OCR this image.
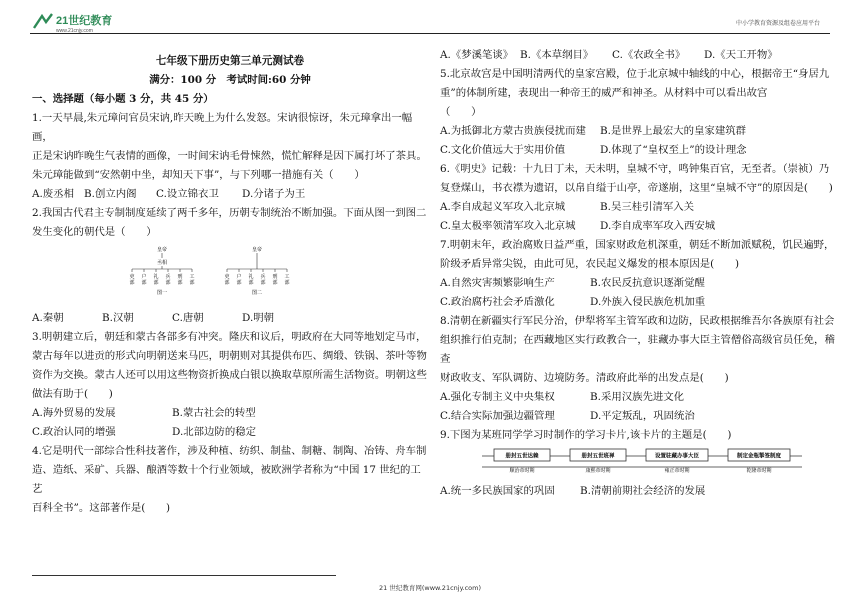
21世纪教育
www.21cnjy.com
中小学教育资源及组卷应用平台

七年级下册历史第三单元测试卷

满分：100 分　考试时间:60 分钟

一、选择题（每小题 3 分，共 45 分）

1.一天早晨,朱元璋问官员宋讷,昨天晚上为什么发怒。宋讷很惊讶，朱元璋拿出一幅画，

正是宋讷昨晚生气表情的画像，一时间宋讷毛骨悚然，慌忙解释是因下属打坏了茶具。

朱元璋能做到“安然朝中坐，却知天下事”，与下列哪一措施有关（　　）

A.废丞相 B.创立内阁	C.设立锦衣卫	D.分诸子为王

2.我国古代君主专制制度延续了两千多年，历朝专制统治不断加强。下面从图一到图二

发生变化的朝代是（　　）

皇帝
丞相
吏 户 礼 兵 刑 工
部 部 部 部 部 部
图一
皇帝
吏 户 礼 兵 刑 工
部 部 部 部 部 部
图二
A.秦朝	B.汉朝	C.唐朝	D.明朝

3.明朝建立后，朝廷和蒙古各部多有冲突。隆庆和议后，明政府在大同等地划定马市，

蒙古每年以进贡的形式向明朝送来马匹，明朝则对其提供布匹、绸缎、铁锅、茶叶等物

资作为交换。蒙古人还可以用这些物资折换成白银以换取草原所需生活物资。明朝这些

做法有助于(　　)

A.海外贸易的发展	B.蒙古社会的转型
C.政治认同的增强	D.北部边防的稳定

4.它是明代一部综合性科技著作，涉及种植、纺织、制盐、制糖、制陶、冶铸、舟车制

造、造纸、采矿、兵器、酿酒等数十个行业领域，被欧洲学者称为“中国 17 世纪的工艺

百科全书”。这部著作是(　　)

A.《梦溪笔谈》 B.《本草纲目》	C.《农政全书》	D.《天工开物》

5.北京故宫是中国明清两代的皇家宫殿，位于北京城中轴线的中心，根据帝王“身居九

重”的体制所建，表现出一种帝王的威严和神圣。从材料中可以看出故宫

（　　）

A.为抵御北方蒙古贵族侵扰而建	B.是世界上最宏大的皇家建筑群
C.文化价值远大于实用价值	D.体现了“皇权至上”的设计理念

6.《明史》记载：十九日丁未，天未明，皇城不守，鸣钟集百官，无至者。（崇祯）乃

复登煤山，书衣襟为遗诏，以帛自缢于山亭，帝遂崩，这里“皇城不守”的原因是(　　)

A.李自成起义军攻入北京城	B.吴三桂引清军入关
C.皇太极率领清军攻入北京城	D.李自成率军攻入西安城

7.明朝末年，政治腐败日益严重，国家财政危机深重，朝廷不断加派赋税，饥民遍野，

阶级矛盾异常尖锐，由此可见，农民起义爆发的根本原因是(　　)

A.自然灾害频繁影响生产	B.农民反抗意识逐渐觉醒
C.政治腐朽社会矛盾激化	D.外族入侵民族危机加重

8.清朝在新疆实行军民分治，伊犁将军主管军政和边防，民政根据维吾尔各族原有社会

组织推行伯克制；在西藏地区实行政教合一，驻藏办事大臣主管僧俗高级官员任免，稽查

财政收支、军队调防、边境防务。清政府此举的出发点是(　　)

A.强化专制主义中央集权	B.采用汉族先进文化
C.结合实际加强边疆管理	D.平定叛乱，巩固统治

9.下图为某班同学学习时制作的学习卡片,该卡片的主题是(　　)

册封五世达赖
顺治帝时期
册封五世班禅
康熙帝时期
设置驻藏办事大臣
雍正帝时期
制定金瓶掣签制度
乾隆帝时期
A.统一多民族国家的巩固	B.清朝前期社会经济的发展
21 世纪教育网(www.21cnjy.com)
